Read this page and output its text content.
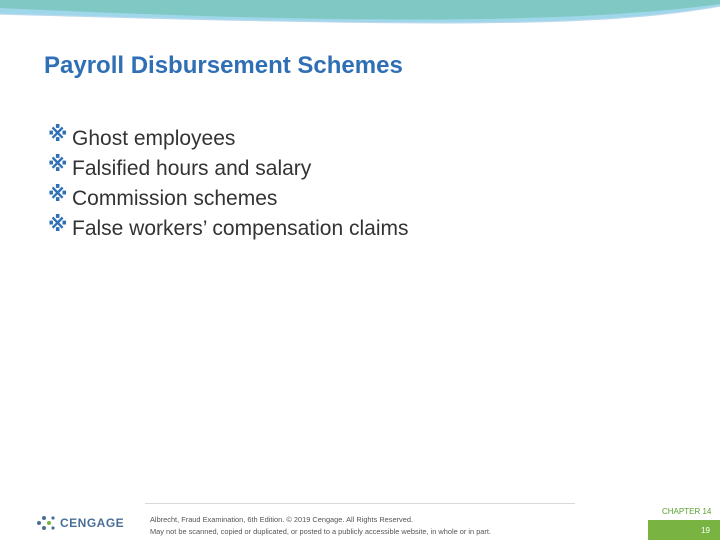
Payroll Disbursement Schemes
※ Ghost employees
※ Falsified hours and salary
※ Commission schemes
※ False workers’ compensation claims
CENGAGE	Albrecht, Fraud Examination, 6th Edition. © 2019 Cengage. All Rights Reserved.
May not be scanned, copied or duplicated, or posted to a publicly accessible website, in whole or in part.
CHAPTER 14
19
